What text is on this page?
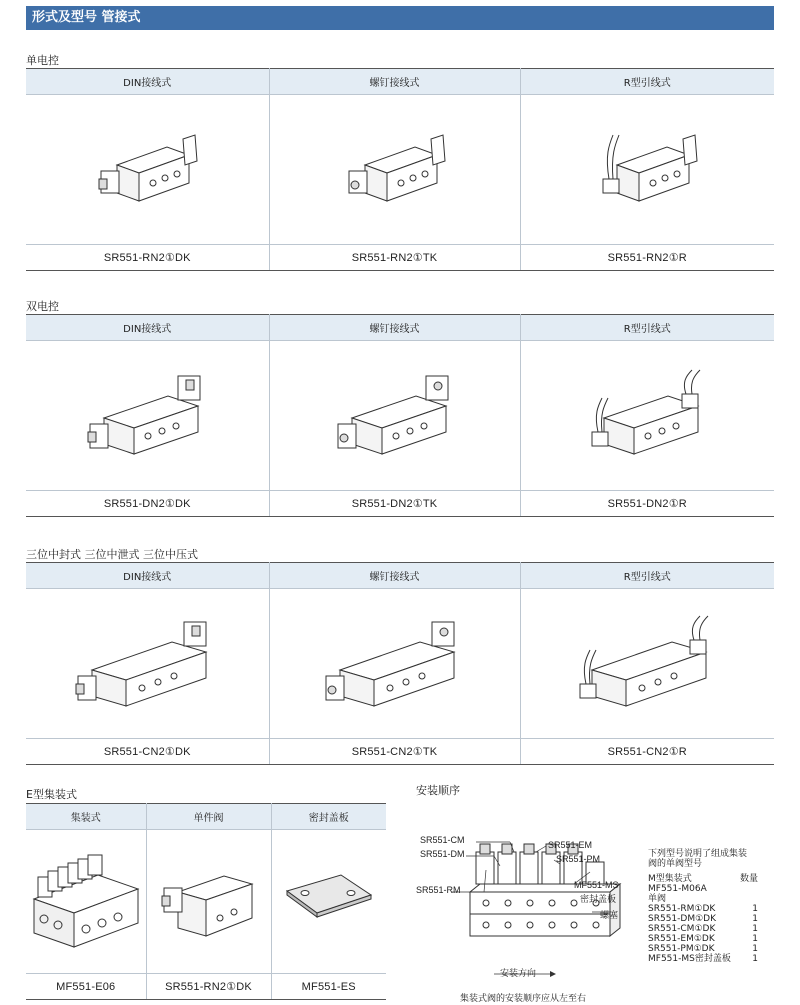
形式及型号 管接式
单电控
DIN接线式	螺钉接线式	R型引线式

SR551-RN2①DK	SR551-RN2①TK	SR551-RN2①R
双电控
DIN接线式	螺钉接线式	R型引线式

SR551-DN2①DK	SR551-DN2①TK	SR551-DN2①R
三位中封式 三位中泄式 三位中压式
DIN接线式	螺钉接线式	R型引线式

SR551-CN2①DK	SR551-CN2①TK	SR551-CN2①R
E型集装式
集装式	单件阀	密封盖板

MF551-E06	SR551-RN2①DK	MF551-ES
安装顺序
SR551-CM
SR551-DM
SR551-RM
SR551-EM
SR551-PM
MF551-MS
密封盖板
螺塞
安装方向
集装式阀的安装顺序应从左至右
下列型号说明了组成集装
阀的单阀型号
M型集装式	数量
MF551-M06A
单阀
SR551-RM①DK	1
SR551-DM①DK	1
SR551-CM①DK	1
SR551-EM①DK	1
SR551-PM①DK	1
MF551-MS密封盖板 1
